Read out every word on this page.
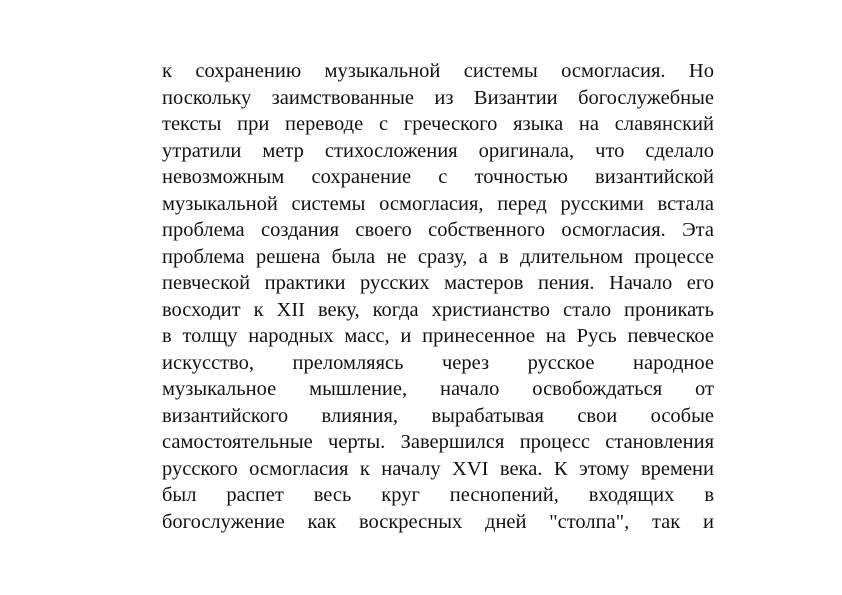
к сохранению музыкальной системы осмогласия. Но
поскольку заимствованные из Византии богослужебные
тексты при переводе с греческого языка на славянский
утратили метр стихосложения оригинала, что сделало
невозможным сохранение с точностью византийской
музыкальной системы осмогласия, перед русскими встала
проблема создания своего собственного осмогласия. Эта
проблема решена была не сразу, а в длительном процессе
певческой практики русских мастеров пения. Начало его
восходит к XII веку, когда христианство стало проникать
в толщу народных масс, и принесенное на Русь певческое
искусство, преломляясь через русское народное
музыкальное мышление, начало освобождаться от
византийского влияния, вырабатывая свои особые
самостоятельные черты. Завершился процесс становления
русского осмогласия к началу XVI века. К этому времени
был распет весь круг песнопений, входящих в
богослужение как воскресных дней "столпа", так и
